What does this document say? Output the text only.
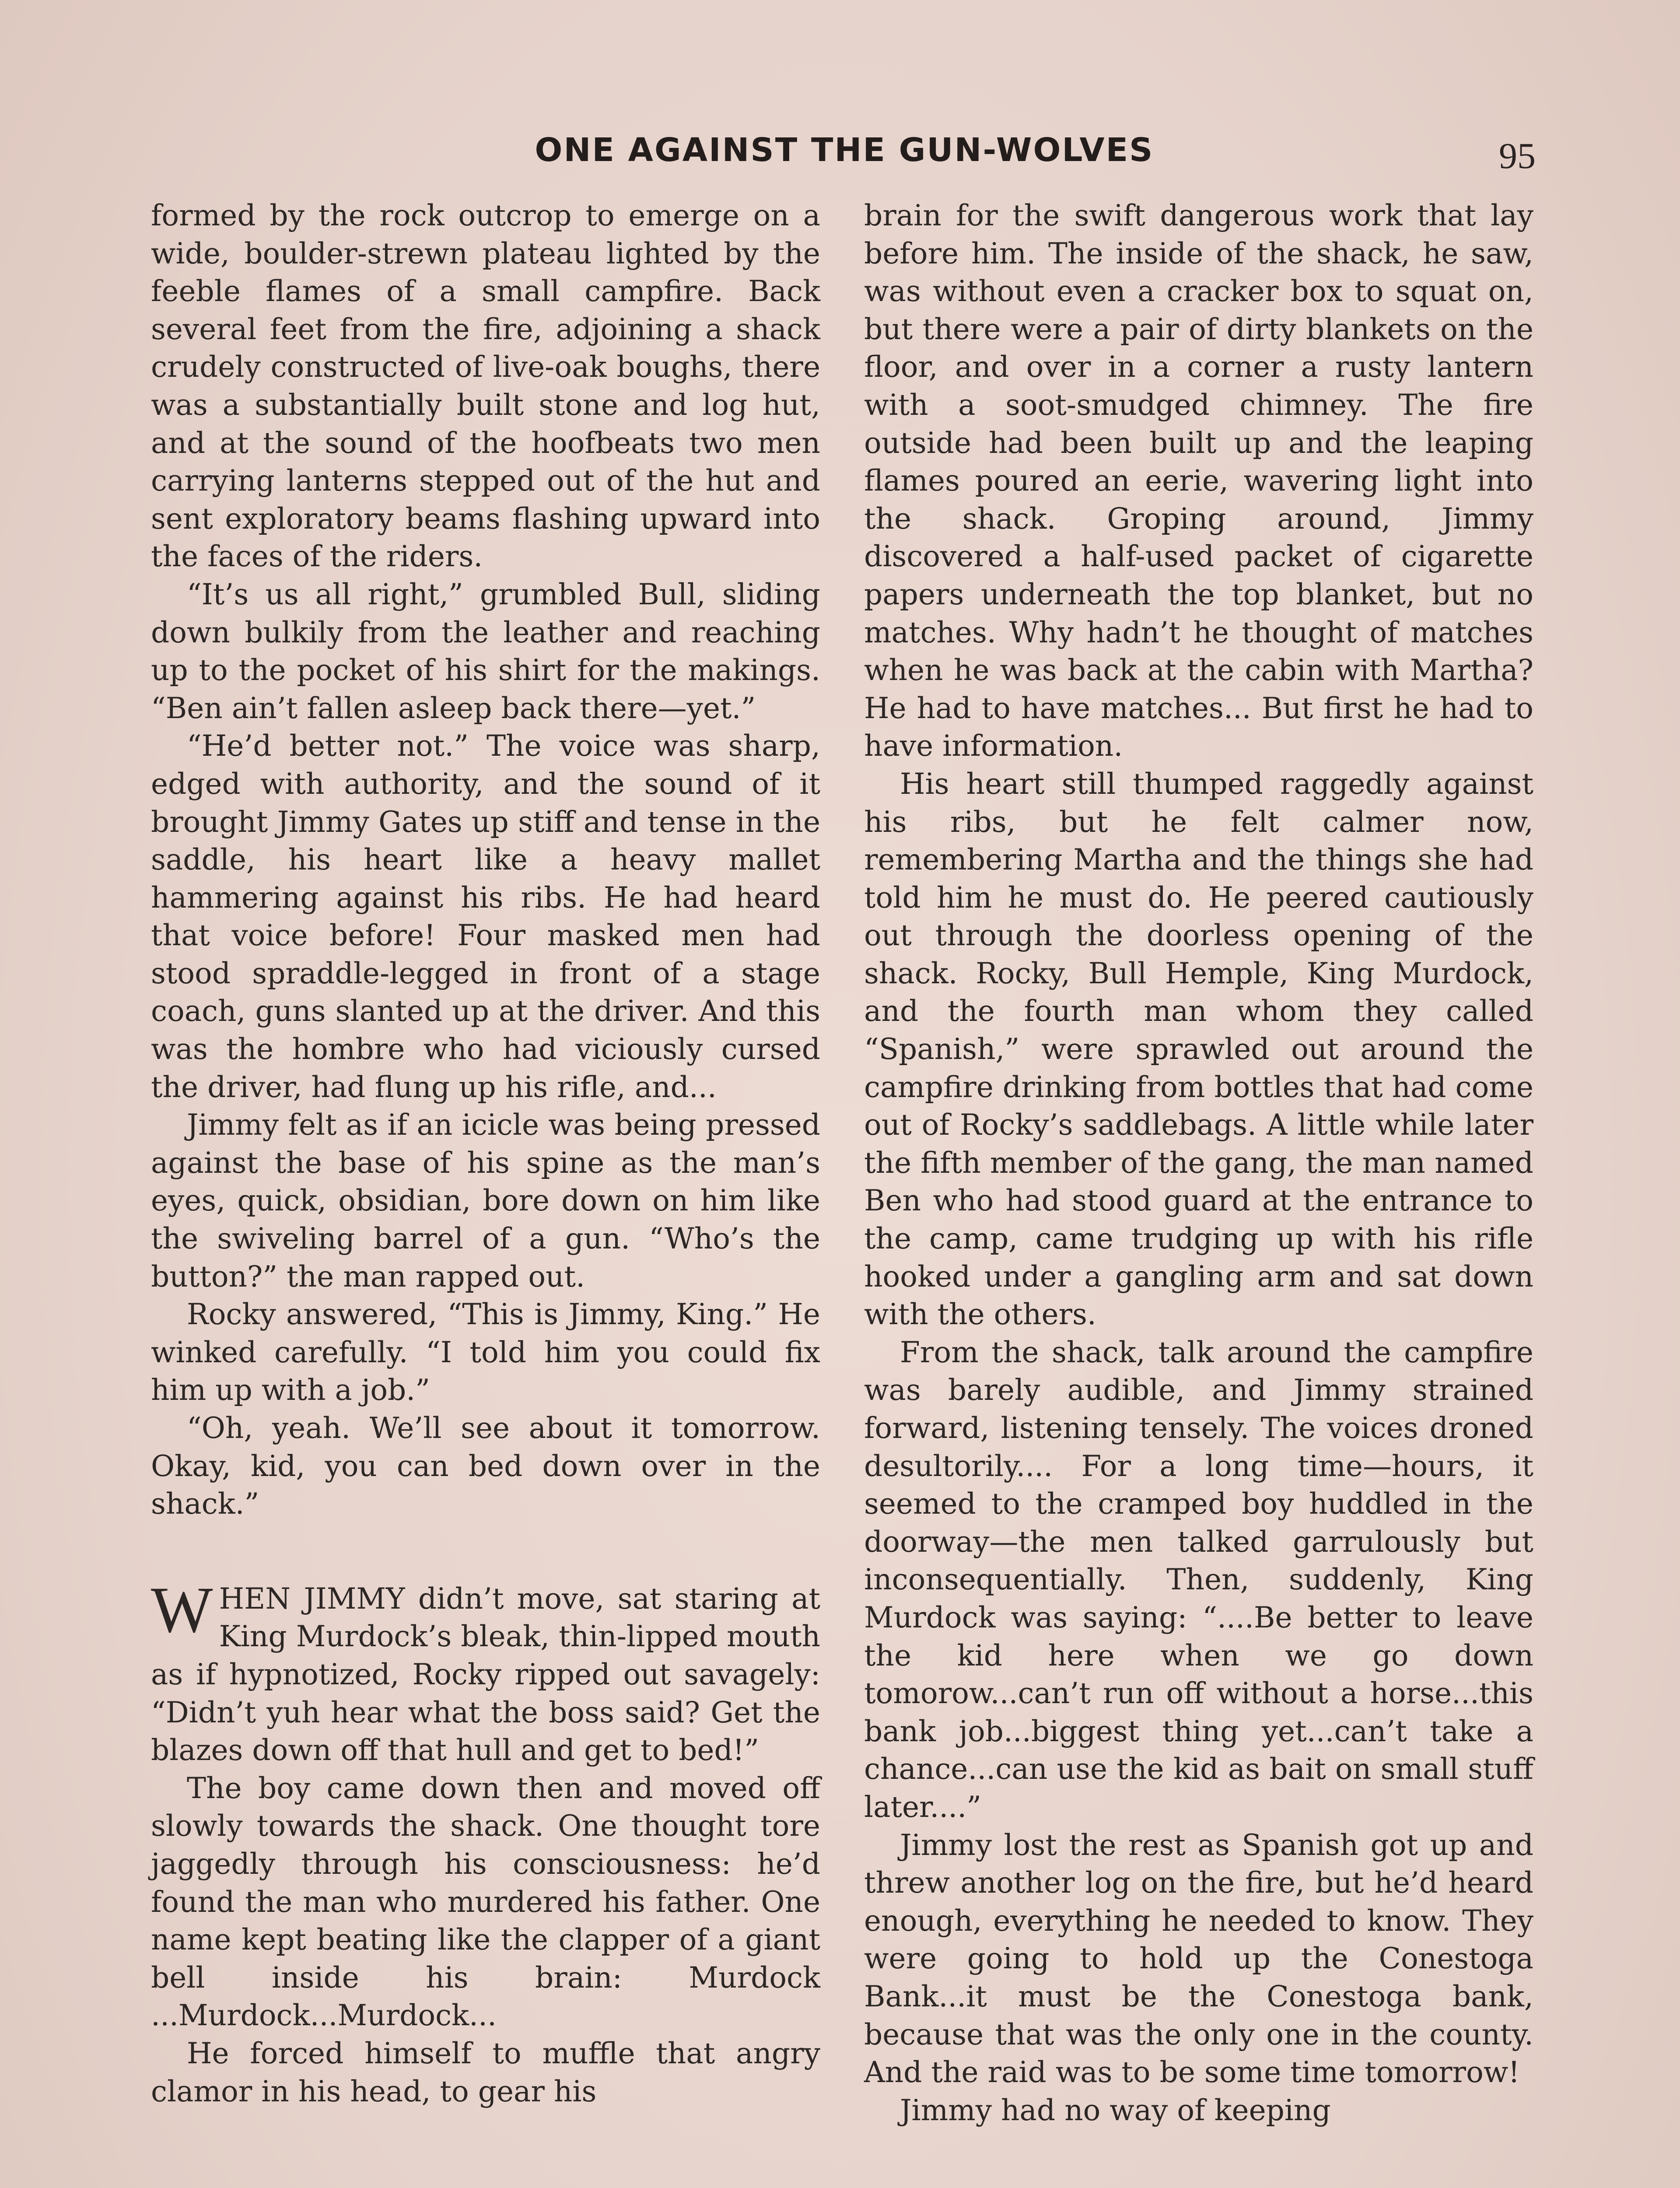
ONE AGAINST THE GUN-WOLVES	95

formed by the rock outcrop to emerge on a wide, boulder-strewn plateau lighted by the feeble flames of a small campfire. Back several feet from the fire, adjoining a shack crudely constructed of live-oak boughs, there was a substantially built stone and log hut, and at the sound of the hoofbeats two men carrying lanterns stepped out of the hut and sent exploratory beams flashing upward into the faces of the riders.

“It’s us all right,” grumbled Bull, sliding down bulkily from the leather and reaching up to the pocket of his shirt for the makings. “Ben ain’t fallen asleep back there—yet.”

“He’d better not.” The voice was sharp, edged with authority, and the sound of it brought Jimmy Gates up stiff and tense in the saddle, his heart like a heavy mallet hammering against his ribs. He had heard that voice before! Four masked men had stood spraddle-legged in front of a stage coach, guns slanted up at the driver. And this was the hombre who had viciously cursed the driver, had flung up his rifle, and...

Jimmy felt as if an icicle was being pressed against the base of his spine as the man’s eyes, quick, obsidian, bore down on him like the swiveling barrel of a gun. “Who’s the button?” the man rapped out.

Rocky answered, “This is Jimmy, King.” He winked carefully. “I told him you could fix him up with a job.”

“Oh, yeah. We’ll see about it tomorrow. Okay, kid, you can bed down over in the shack.”

WHEN JIMMY didn’t move, sat staring at King Murdock’s bleak, thin-lipped mouth as if hypnotized, Rocky ripped out savagely: “Didn’t yuh hear what the boss said? Get the blazes down off that hull and get to bed!”

The boy came down then and moved off slowly towards the shack. One thought tore jaggedly through his consciousness: he’d found the man who murdered his father. One name kept beating like the clapper of a giant bell inside his brain: Murdock ...Murdock...Murdock...

He forced himself to muffle that angry clamor in his head, to gear his

brain for the swift dangerous work that lay before him. The inside of the shack, he saw, was without even a cracker box to squat on, but there were a pair of dirty blankets on the floor, and over in a corner a rusty lantern with a soot-smudged chimney. The fire outside had been built up and the leaping flames poured an eerie, wavering light into the shack. Groping around, Jimmy discovered a half-used packet of cigarette papers underneath the top blanket, but no matches. Why hadn’t he thought of matches when he was back at the cabin with Martha? He had to have matches... But first he had to have information.

His heart still thumped raggedly against his ribs, but he felt calmer now, remembering Martha and the things she had told him he must do. He peered cautiously out through the doorless opening of the shack. Rocky, Bull Hemple, King Murdock, and the fourth man whom they called “Spanish,” were sprawled out around the campfire drinking from bottles that had come out of Rocky’s saddlebags. A little while later the fifth member of the gang, the man named Ben who had stood guard at the entrance to the camp, came trudging up with his rifle hooked under a gangling arm and sat down with the others.

From the shack, talk around the campfire was barely audible, and Jimmy strained forward, listening tensely. The voices droned desultorily.... For a long time—hours, it seemed to the cramped boy huddled in the doorway—the men talked garrulously but inconsequentially. Then, suddenly, King Murdock was saying: “....Be better to leave the kid here when we go down tomorow...can’t run off without a horse...this bank job...biggest thing yet...can’t take a chance...can use the kid as bait on small stuff later....”

Jimmy lost the rest as Spanish got up and threw another log on the fire, but he’d heard enough, everything he needed to know. They were going to hold up the Conestoga Bank...it must be the Conestoga bank, because that was the only one in the county. And the raid was to be some time tomorrow!

Jimmy had no way of keeping
